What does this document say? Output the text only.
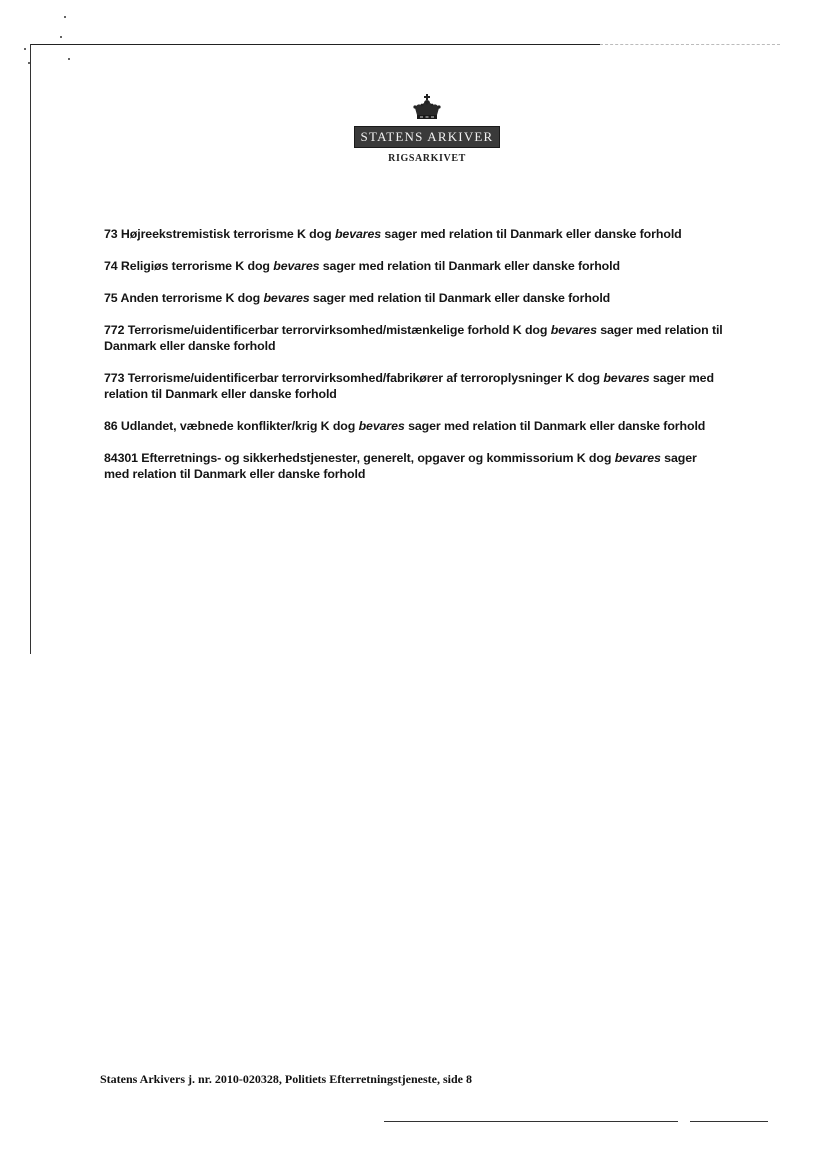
STATENS ARKIVER
RIGSARKIVET

73 Højreekstremistisk terrorisme K dog bevares sager med relation til Danmark eller danske forhold

74 Religiøs terrorisme K dog bevares sager med relation til Danmark eller danske forhold

75 Anden terrorisme K dog bevares sager med relation til Danmark eller danske forhold

772 Terrorisme/uidentificerbar terrorvirksomhed/mistænkelige forhold K dog bevares sager med relation til Danmark eller danske forhold

773 Terrorisme/uidentificerbar terrorvirksomhed/fabrikører af terroroplysninger K dog bevares sager med relation til Danmark eller danske forhold

86 Udlandet, væbnede konflikter/krig K dog bevares sager med relation til Danmark eller danske forhold

84301 Efterretnings- og sikkerhedstjenester, generelt, opgaver og kommissorium K dog bevares sager med relation til Danmark eller danske forhold

Statens Arkivers j. nr. 2010-020328, Politiets Efterretningstjeneste, side 8
